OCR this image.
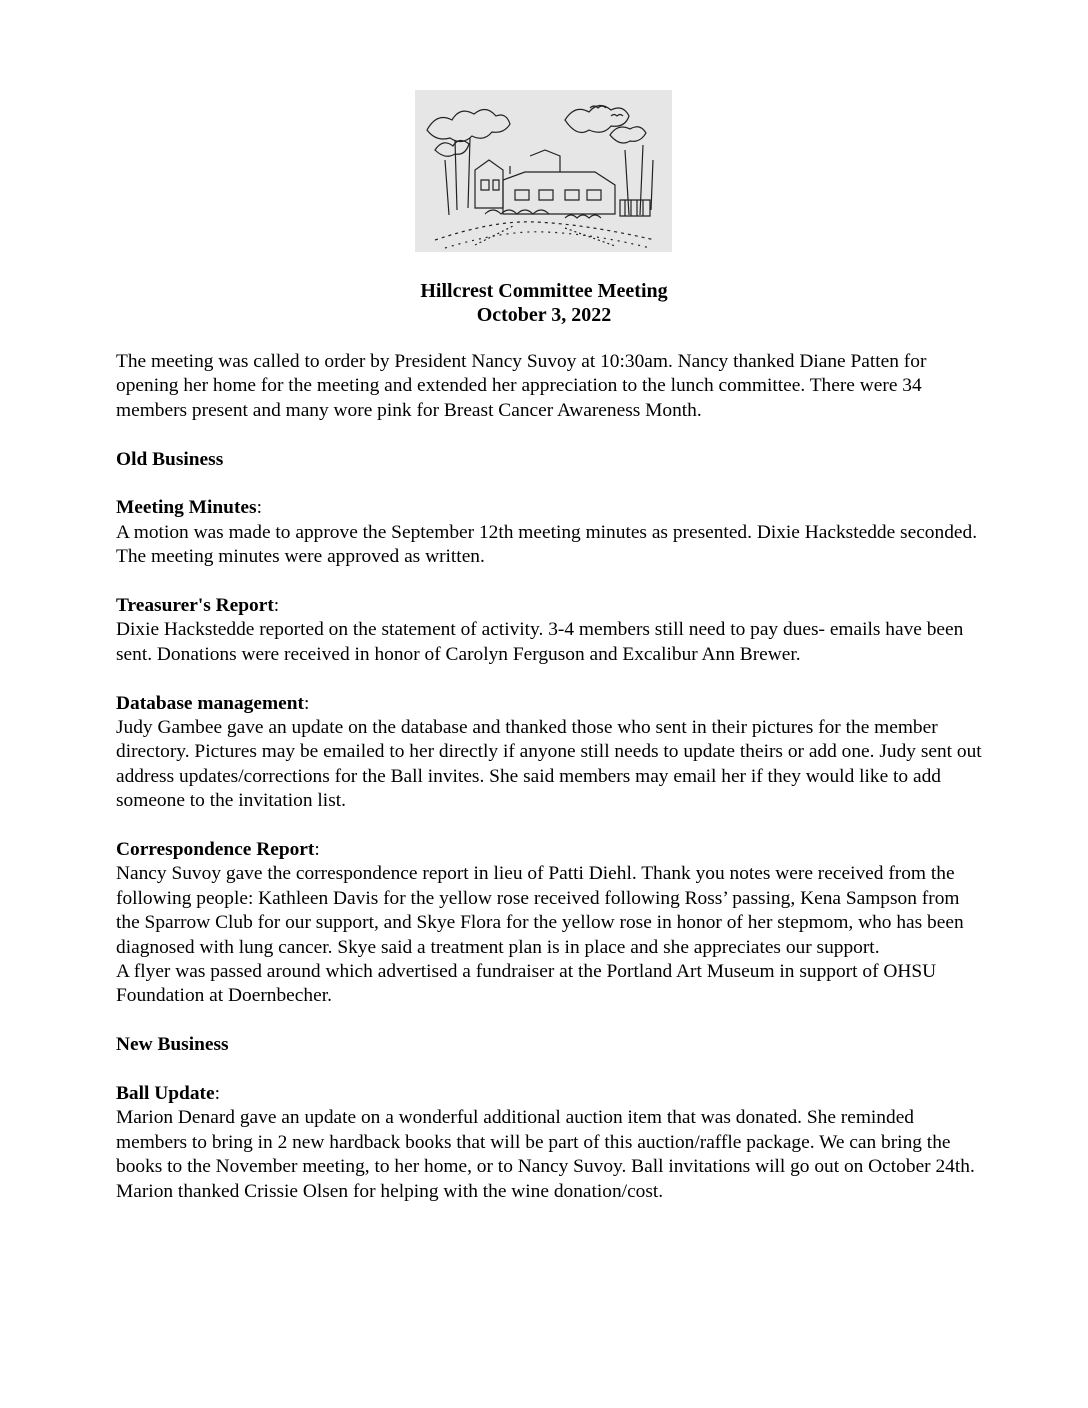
Hillcrest Committee Meeting
October 3, 2022

The meeting was called to order by President Nancy Suvoy at 10:30am. Nancy thanked Diane Patten for opening her home for the meeting and extended her appreciation to the lunch committee. There were 34 members present and many wore pink for Breast Cancer Awareness Month.

Old Business

Meeting Minutes:

A motion was made to approve the September 12th meeting minutes as presented. Dixie Hackstedde seconded. The meeting minutes were approved as written.

Treasurer's Report:

Dixie Hackstedde reported on the statement of activity. 3-4 members still need to pay dues- emails have been sent. Donations were received in honor of Carolyn Ferguson and Excalibur Ann Brewer.

Database management:

Judy Gambee gave an update on the database and thanked those who sent in their pictures for the member directory. Pictures may be emailed to her directly if anyone still needs to update theirs or add one. Judy sent out address updates/corrections for the Ball invites. She said members may email her if they would like to add someone to the invitation list.

Correspondence Report:

Nancy Suvoy gave the correspondence report in lieu of Patti Diehl. Thank you notes were received from the following people: Kathleen Davis for the yellow rose received following Ross’ passing, Kena Sampson from the Sparrow Club for our support, and Skye Flora for the yellow rose in honor of her stepmom, who has been diagnosed with lung cancer. Skye said a treatment plan is in place and she appreciates our support.

A flyer was passed around which advertised a fundraiser at the Portland Art Museum in support of OHSU Foundation at Doernbecher.

New Business

Ball Update:

Marion Denard gave an update on a wonderful additional auction item that was donated. She reminded members to bring in 2 new hardback books that will be part of this auction/raffle package. We can bring the books to the November meeting, to her home, or to Nancy Suvoy. Ball invitations will go out on October 24th. Marion thanked Crissie Olsen for helping with the wine donation/cost.
